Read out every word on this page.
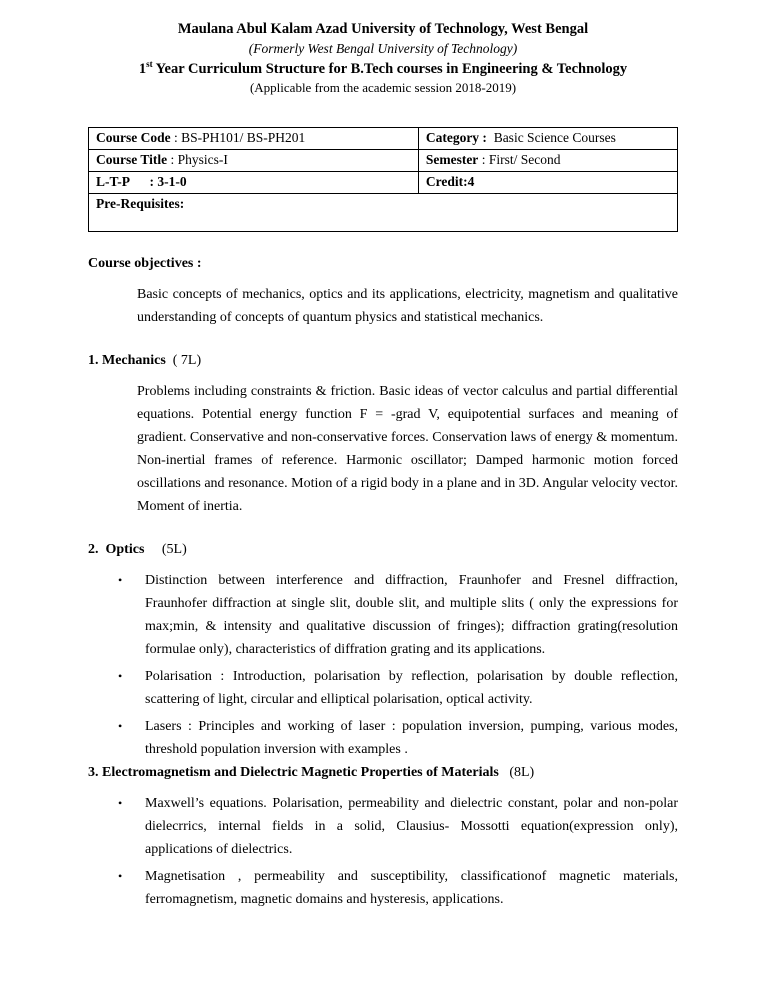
Maulana Abul Kalam Azad University of Technology, West Bengal
(Formerly West Bengal University of Technology)
1st Year Curriculum Structure for B.Tech courses in Engineering & Technology
(Applicable from the academic session 2018-2019)
Course Code : BS-PH101/ BS-PH201	Category :  Basic Science Courses
Course Title : Physics-I	Semester : First/ Second
L-T-P      : 3-1-0	Credit:4
Pre-Requisites:	
Course objectives :
Basic concepts of mechanics, optics and its applications, electricity, magnetism and qualitative understanding of concepts of quantum physics and statistical mechanics.
1. Mechanics  ( 7L)
Problems including constraints & friction. Basic ideas of vector calculus and partial differential equations. Potential energy function F = -grad V, equipotential surfaces and meaning of gradient. Conservative and non-conservative forces. Conservation laws of energy & momentum. Non-inertial frames of reference. Harmonic oscillator; Damped harmonic motion forced oscillations and resonance. Motion of a rigid body in a plane and in 3D. Angular velocity vector. Moment of inertia.
2.  Optics     (5L)
•	Distinction between interference and diffraction, Fraunhofer and Fresnel diffraction, Fraunhofer diffraction at single slit, double slit, and multiple slits ( only the expressions for max;min, & intensity and qualitative discussion of fringes); diffraction grating(resolution formulae only), characteristics of diffration grating and its applications.
•	Polarisation : Introduction, polarisation by reflection, polarisation by double reflection, scattering of light, circular and elliptical polarisation, optical activity.
•	Lasers : Principles and working of laser : population inversion, pumping, various modes, threshold population inversion with examples .
3. Electromagnetism and Dielectric Magnetic Properties of Materials   (8L)
•	Maxwell’s equations. Polarisation, permeability and dielectric constant, polar and non-polar dielecrrics, internal fields in a solid, Clausius- Mossotti equation(expression only), applications of dielectrics.
•	Magnetisation , permeability and susceptibility, classificationof magnetic materials, ferromagnetism, magnetic domains and hysteresis, applications.
